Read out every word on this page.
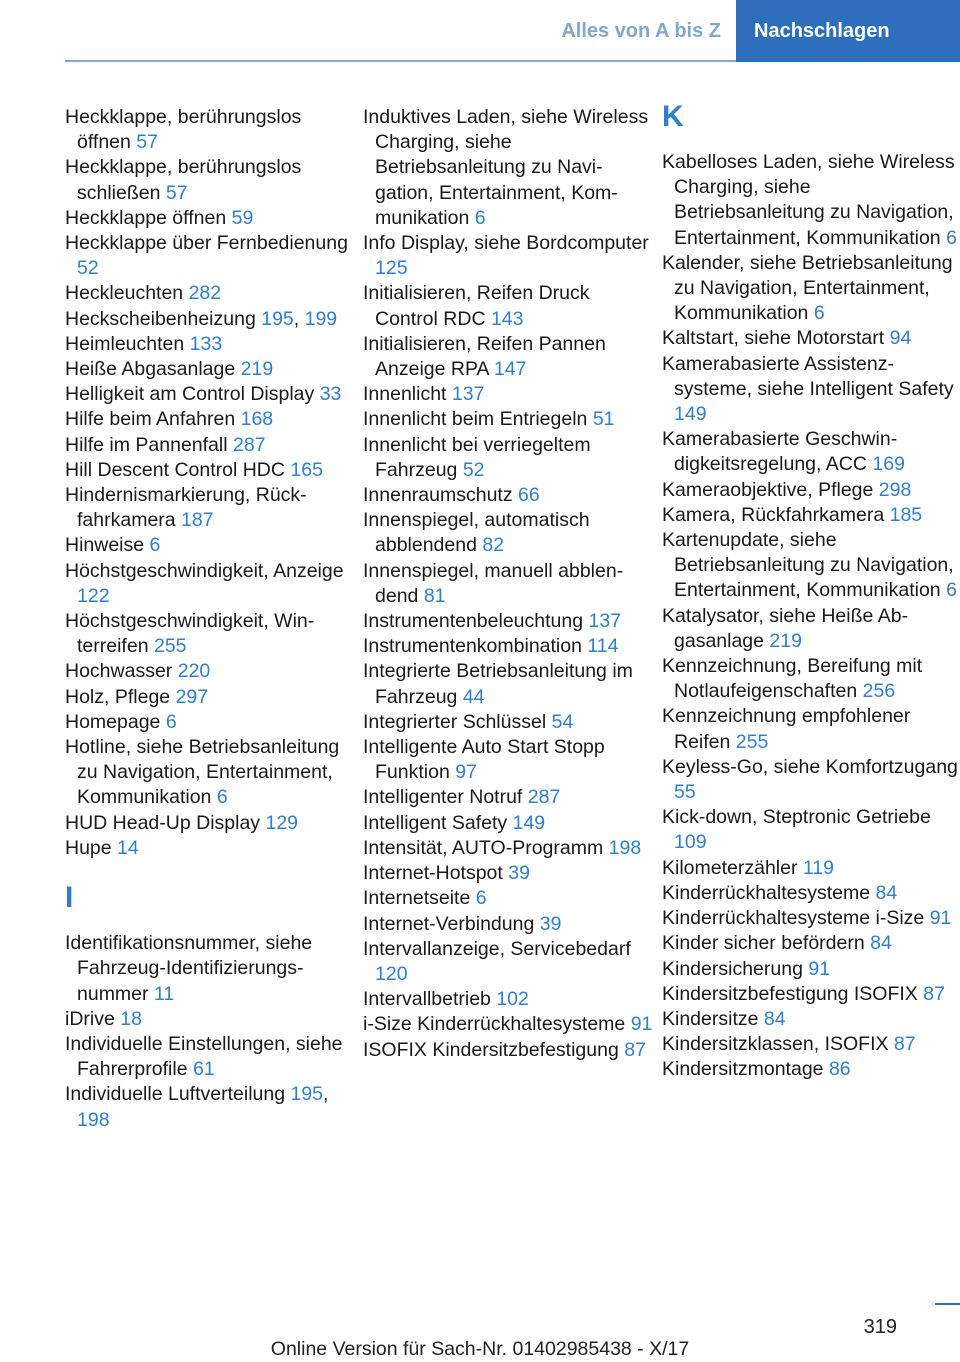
Alles von A bis Z	Nachschlagen
Heckklappe, berührungslos öffnen 57
Heckklappe, berührungslos schließen 57
Heckklappe öffnen 59
Heckklappe über Fernbedienung 52
Heckleuchten 282
Heckscheibenheizung 195, 199
Heimleuchten 133
Heiße Abgasanlage 219
Helligkeit am Control Display 33
Hilfe beim Anfahren 168
Hilfe im Pannenfall 287
Hill Descent Control HDC 165
Hindernismarkierung, Rückfahrkamera 187
Hinweise 6
Höchstgeschwindigkeit, Anzeige 122
Höchstgeschwindigkeit, Winterreifen 255
Hochwasser 220
Holz, Pflege 297
Homepage 6
Hotline, siehe Betriebsanleitung zu Navigation, Entertainment, Kommunikation 6
HUD Head-Up Display 129
Hupe 14
I
Identifikationsnummer, siehe Fahrzeug-Identifizierungsnummer 11
iDrive 18
Individuelle Einstellungen, siehe Fahrerprofile 61
Individuelle Luftverteilung 195, 198
Induktives Laden, siehe Wireless Charging, siehe Betriebsanleitung zu Navigation, Entertainment, Kommunikation 6
Info Display, siehe Bordcomputer 125
Initialisieren, Reifen Druck Control RDC 143
Initialisieren, Reifen Pannen Anzeige RPA 147
Innenlicht 137
Innenlicht beim Entriegeln 51
Innenlicht bei verriegeltem Fahrzeug 52
Innenraumschutz 66
Innenspiegel, automatisch abblendend 82
Innenspiegel, manuell abblendend 81
Instrumentenbeleuchtung 137
Instrumentenkombination 114
Integrierte Betriebsanleitung im Fahrzeug 44
Integrierter Schlüssel 54
Intelligente Auto Start Stopp Funktion 97
Intelligenter Notruf 287
Intelligent Safety 149
Intensität, AUTO-Programm 198
Internet-Hotspot 39
Internetseite 6
Internet-Verbindung 39
Intervallanzeige, Servicebedarf 120
Intervallbetrieb 102
i-Size Kinderrückhaltesysteme 91
ISOFIX Kindersitzbefestigung 87
K
Kabelloses Laden, siehe Wireless Charging, siehe Betriebsanleitung zu Navigation, Entertainment, Kommunikation 6
Kalender, siehe Betriebsanleitung zu Navigation, Entertainment, Kommunikation 6
Kaltstart, siehe Motorstart 94
Kamerabasierte Assistenzsysteme, siehe Intelligent Safety 149
Kamerabasierte Geschwindigkeitsregelung, ACC 169
Kameraobjektive, Pflege 298
Kamera, Rückfahrkamera 185
Kartenupdate, siehe Betriebsanleitung zu Navigation, Entertainment, Kommunikation 6
Katalysator, siehe Heiße Abgasanlage 219
Kennzeichnung, Bereifung mit Notlaufeigenschaften 256
Kennzeichnung empfohlener Reifen 255
Keyless-Go, siehe Komfortzugang 55
Kick-down, Steptronic Getriebe 109
Kilometerzähler 119
Kinderrückhaltesysteme 84
Kinderrückhaltesysteme i-Size 91
Kinder sicher befördern 84
Kindersicherung 91
Kindersitzbefestigung ISOFIX 87
Kindersitze 84
Kindersitzklassen, ISOFIX 87
Kindersitzmontage 86
319
Online Version für Sach-Nr. 01402985438 - X/17
